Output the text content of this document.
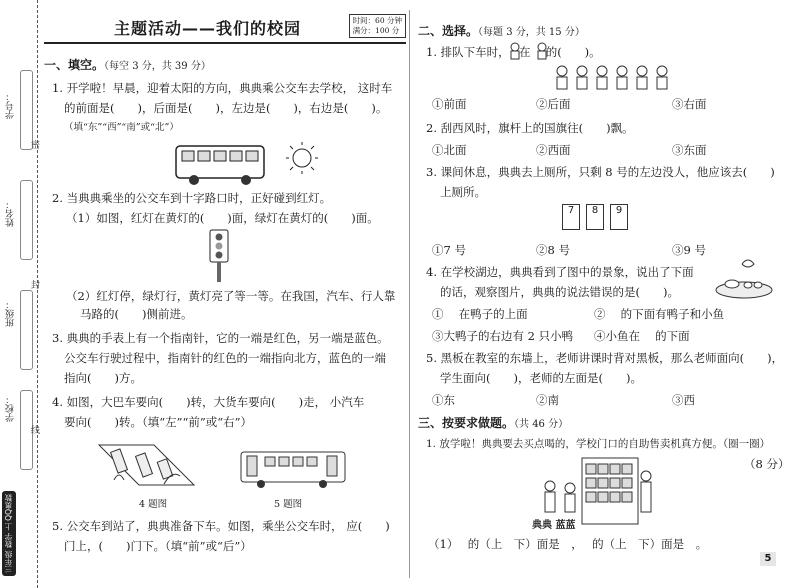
学号：
密
姓名：
封
班级：
学校：
线
三年级 数学 上 QQ奥数
主题活动——我们的校园	时间：60 分钟
满分：100 分
一、填空。（每空 3 分，共 39 分）
1. 开学啦！早晨，迎着太阳的方向，典典乘公交车去学校， 这时车
的前面是(　　)，后面是(　　)，左边是(　　)，右边是(　　)。
（填“东”“西”“南”或“北”）
2. 当典典乘坐的公交车到十字路口时，正好碰到红灯。
（1）如图，红灯在黄灯的(　　)面，绿灯在黄灯的(　　)面。
（2）红灯停，绿灯行，黄灯亮了等一等。在我国，汽车、行人靠
马路的(　　)侧前进。
3. 典典的手表上有一个指南针，它的一端是红色，另一端是蓝色。
公交车行驶过程中，指南针的红色的一端指向北方，蓝色的一端
指向(　　)方。
4. 如图，大巴车要向(　　)转，大货车要向(　　)走， 小汽车
要向(　　)转。（填“左”“前”或“右”）
4 题图	5 题图
5. 公交车到站了，典典准备下车。如图，乘坐公交车时， 应(　　)
门上，(　　)门下。（填“前”或“后”）
二、选择。（每题 3 分，共 15 分）
1. 排队下车时，　 在　 的(　　)。
①前面	②后面	③右面
2. 刮西风时，旗杆上的国旗往(　　)飘。
①北面	②西面	③东面
3. 课间休息，典典去上厕所，只剩 8 号的左边没人，他应该去(　　)
上厕所。
7	8	9
①7 号	②8 号	③9 号
4. 在学校湖边，典典看到了图中的景象，说出了下面
的话，观察图片，典典的说法错误的是(　　)。
①　 在鸭子的上面	②　 的下面有鸭子和小鱼
③大鸭子的右边有 2 只小鸭 ④小鱼在　 的下面
5. 黑板在教室的东墙上，老师讲课时背对黑板，那么老师面向(　　)，
学生面向(　　)，老师的左面是(　　)。
①东	②南	③西
三、按要求做题。（共 46 分）
1. 放学啦！典典要去买点喝的，学校门口的自助售卖机真方便。（圈一圈）
（8 分）
典典 蓝蓝
（1）　 的（上　下）面是　，　 的（上　下）面是　。
5
